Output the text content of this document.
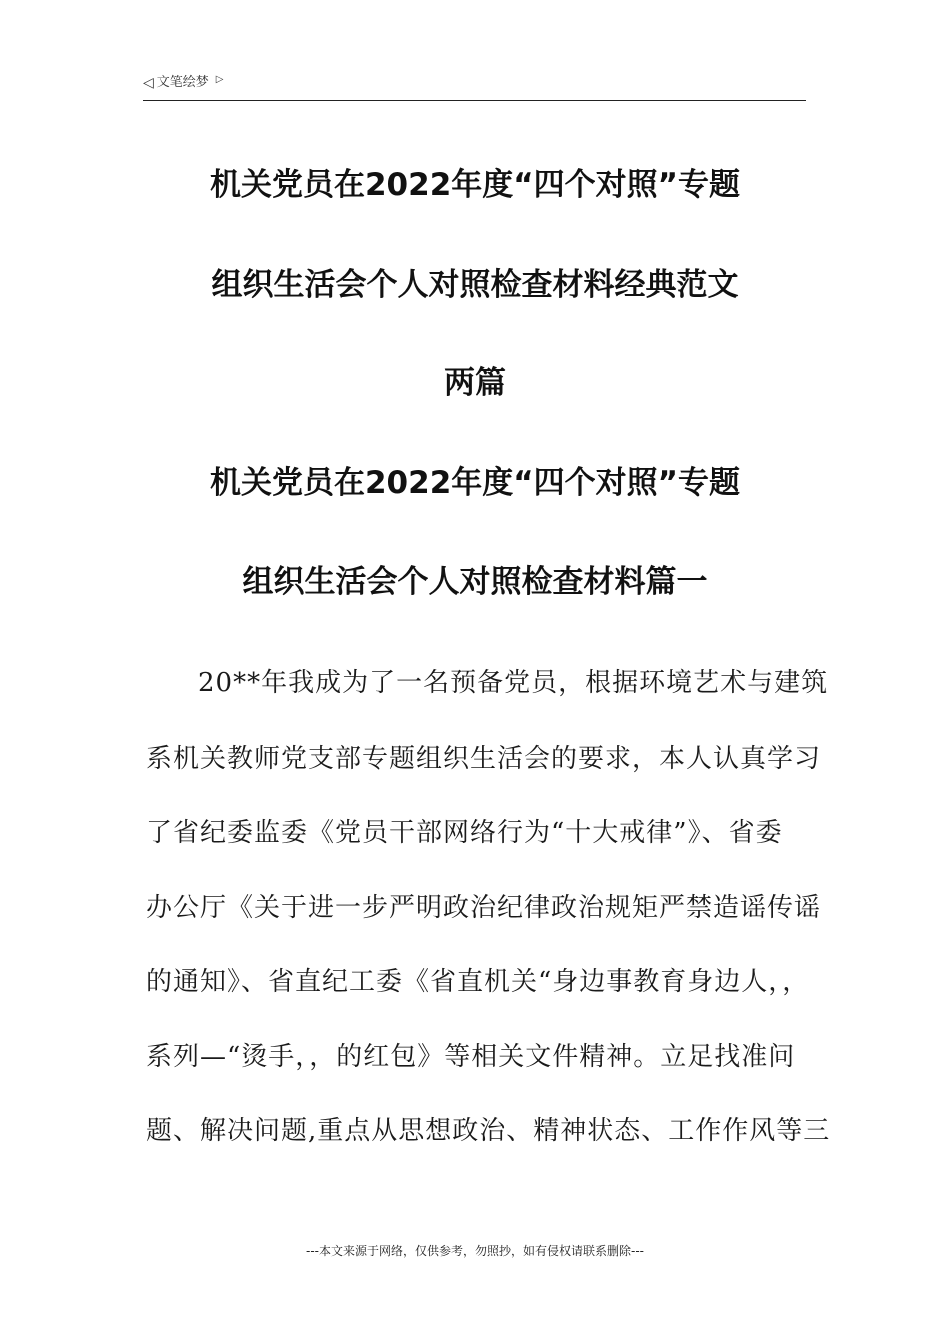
◁ 文笔绘梦 ▷
机关党员在2022年度“四个对照”专题
组织生活会个人对照检查材料经典范文
两篇
机关党员在2022年度“四个对照”专题
组织生活会个人对照检查材料篇一
20**年我成为了一名预备党员，根据环境艺术与建筑
系机关教师党支部专题组织生活会的要求，本人认真学习
了省纪委监委《党员干部网络行为“十大戒律”》、省委
办公厅《关于进一步严明政治纪律政治规矩严禁造谣传谣
的通知》、省直纪工委《省直机关“身边事教育身边人，，
系列—“烫手，，的红包》等相关文件精神。立足找准问
题、解决问题,重点从思想政治、精神状态、工作作风等三
---本文来源于网络，仅供参考，勿照抄，如有侵权请联系删除---
